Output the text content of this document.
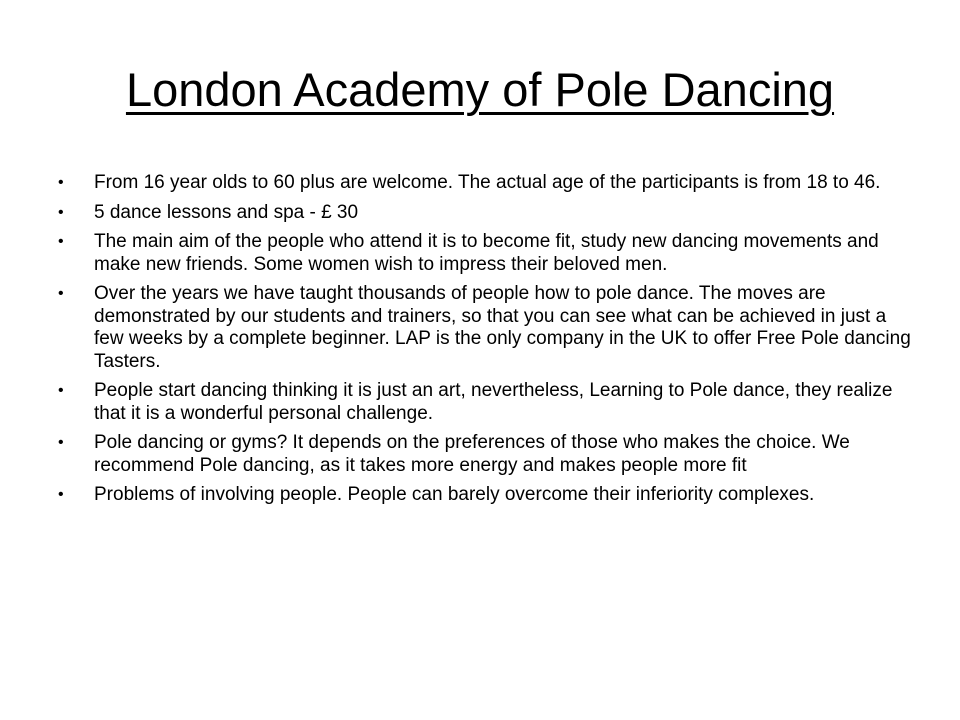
London Academy of Pole Dancing
• From 16 year olds to 60 plus are welcome. The actual age of the participants is from 18 to 46.
• 5 dance lessons and spa - £ 30
• The main aim of the people who attend it is to become fit, study new dancing movements and make new friends. Some women wish to impress their beloved men.
• Over the years we have taught thousands of people how to pole dance. The moves are demonstrated by our students and trainers, so that you can see what can be achieved in just a few weeks by a complete beginner. LAP is the only company in the UK to offer Free Pole dancing Tasters.
• People start dancing thinking it is just an art, nevertheless, Learning to Pole dance, they realize that it is a wonderful personal challenge.
• Pole dancing or gyms? It depends on the preferences of those who makes the choice. We recommend Pole dancing, as it takes more energy and makes people more fit
• Problems of involving people. People can barely overcome their inferiority complexes.
